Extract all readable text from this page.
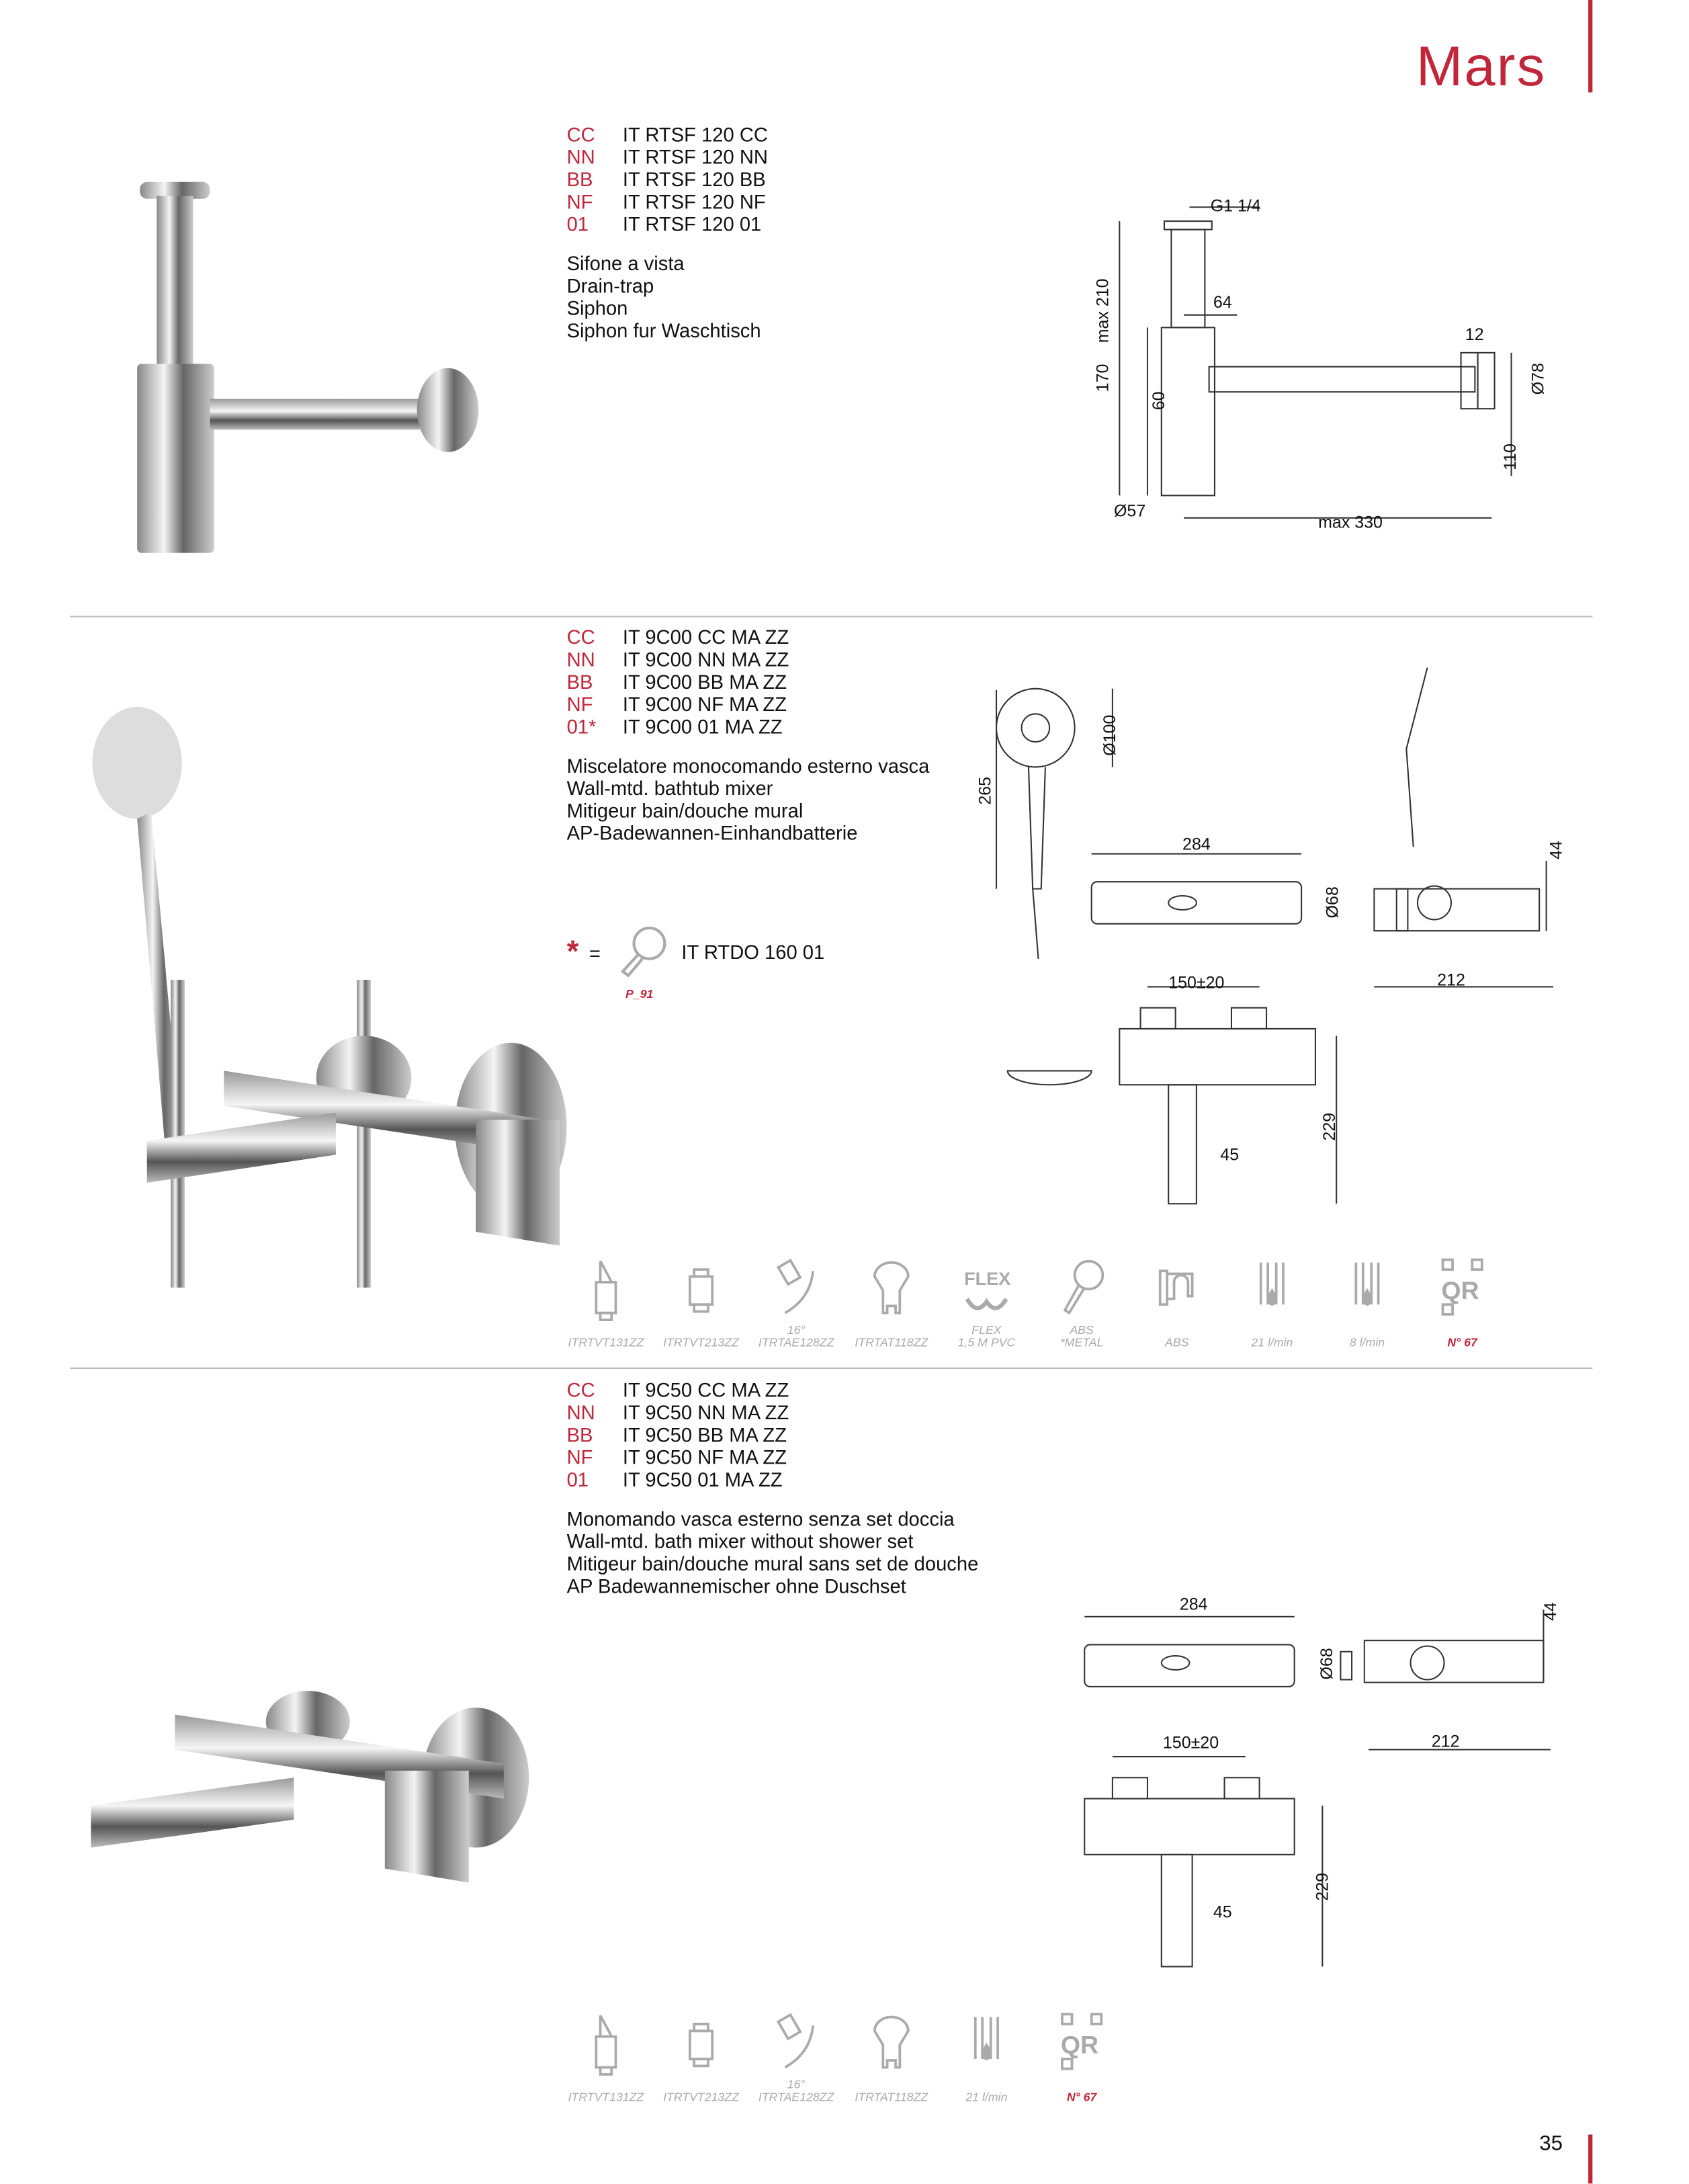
Mars
CC	IT RTSF 120 CC
NN	IT RTSF 120 NN
BB	IT RTSF 120 BB
NF	IT RTSF 120 NF
01	IT RTSF 120 01
Sifone a vista
Drain-trap
Siphon
Siphon fur Waschtisch
G1 1/4
max 210
170
64
60
12
Ø78
110
Ø57
max 330
CC	IT 9C00 CC MA ZZ
NN	IT 9C00 NN MA ZZ
BB	IT 9C00 BB MA ZZ
NF	IT 9C00 NF MA ZZ
01*	IT 9C00 01 MA ZZ
Miscelatore monocomando esterno vasca
Wall-mtd. bathtub mixer
Mitigeur bain/douche mural
AP-Badewannen-Einhandbatterie
* =	IT RTDO 160 01
P_91
265
Ø100
284
Ø68
44
212
150±20
229
45
ITRTVT131ZZ	ITRTVT213ZZ
16°
ITRTAE128ZZ	ITRTAT118ZZ
FLEX
FLEX
1,5 M PVC
ABS
*METAL	ABS	21 l/min	8 l/min
QR
N° 67
CC	IT 9C50 CC MA ZZ
NN	IT 9C50 NN MA ZZ
BB	IT 9C50 BB MA ZZ
NF	IT 9C50 NF MA ZZ
01	IT 9C50 01 MA ZZ
Monomando vasca esterno senza set doccia
Wall-mtd. bath mixer without shower set
Mitigeur bain/douche mural sans set de douche
AP Badewannemischer ohne Duschset
284
Ø68
44
212
150±20
229
45
ITRTVT131ZZ	ITRTVT213ZZ
16°
ITRTAE128ZZ	ITRTAT118ZZ	21 l/min
QR
N° 67
35
